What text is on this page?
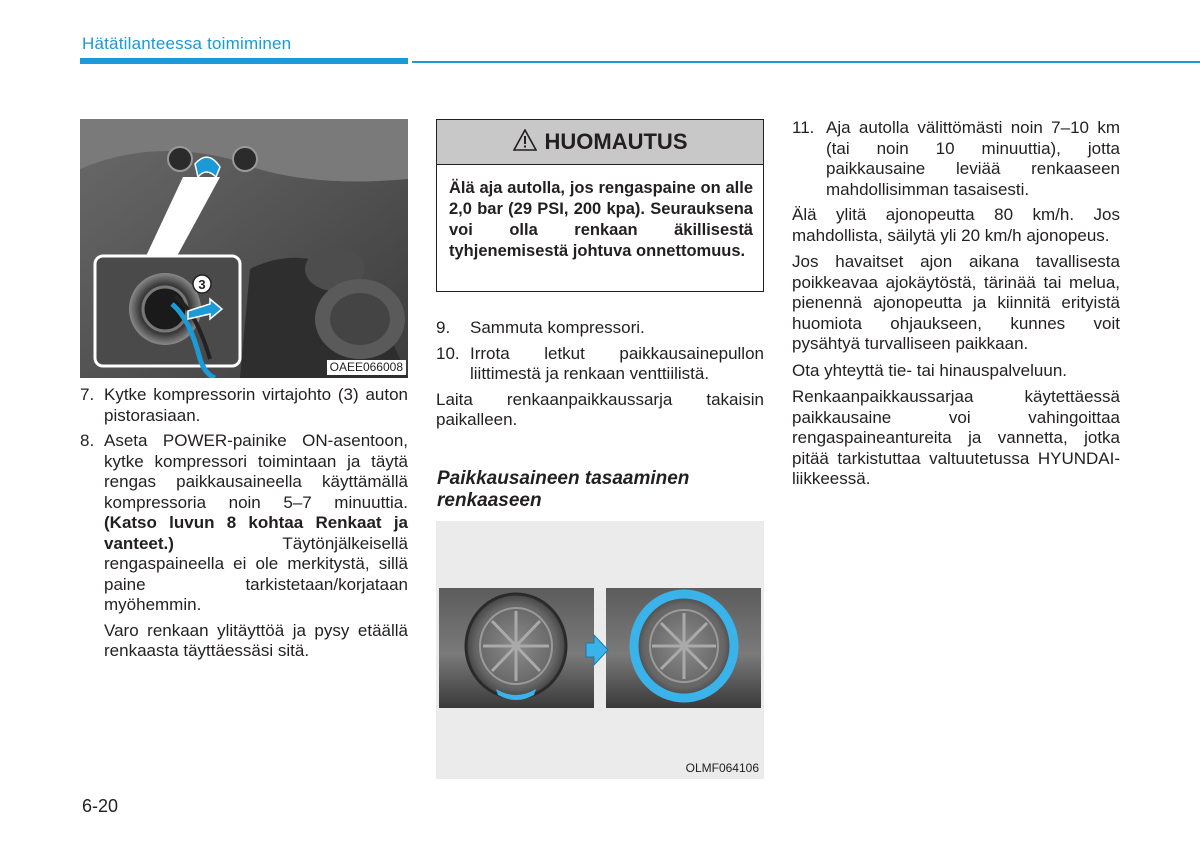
Hätätilanteessa toimiminen
3
OAEE066008
7. Kytke kompressorin virtajohto (3) auton pistorasiaan.
8. Aseta POWER-painike ON-asentoon, kytke kompressori toimintaan ja täytä rengas paikkausaineella käyttämällä kompressoria noin 5–7 minuuttia. (Katso luvun 8 kohtaa Renkaat ja vanteet.) Täytönjälkeisellä rengaspaineella ei ole merkitystä, sillä paine tarkistetaan/korjataan myöhemmin.

Varo renkaan ylitäyttöä ja pysy etäällä renkaasta täyttäessäsi sitä.

HUOMAUTUS
Älä aja autolla, jos rengaspaine on alle 2,0 bar (29 PSI, 200 kpa). Seurauksena voi olla renkaan äkillisestä tyhjenemisestä johtuva onnettomuus.
9.	Sammuta kompressori.
10. Irrota letkut paikkausainepullon liittimestä ja renkaan venttiilistä.

Laita renkaanpaikkaussarja takaisin paikalleen.

Paikkausaineen tasaaminen renkaaseen
OLMF064106
11. Aja autolla välittömästi noin 7–10 km (tai noin 10 minuuttia), jotta paikkausaine leviää renkaaseen mahdollisimman tasaisesti.

Älä ylitä ajonopeutta 80 km/h. Jos mahdollista, säilytä yli 20 km/h ajonopeus.

Jos havaitset ajon aikana tavallisesta poikkeavaa ajokäytöstä, tärinää tai melua, pienennä ajonopeutta ja kiinnitä erityistä huomiota ohjaukseen, kunnes voit pysähtyä turvalliseen paikkaan.

Ota yhteyttä tie- tai hinauspalveluun.

Renkaanpaikkaussarjaa käytettäessä paikkausaine voi vahingoittaa rengaspaineantureita ja vannetta, jotka pitää tarkistuttaa valtuutetussa HYUNDAI-liikkeessä.

6-20
